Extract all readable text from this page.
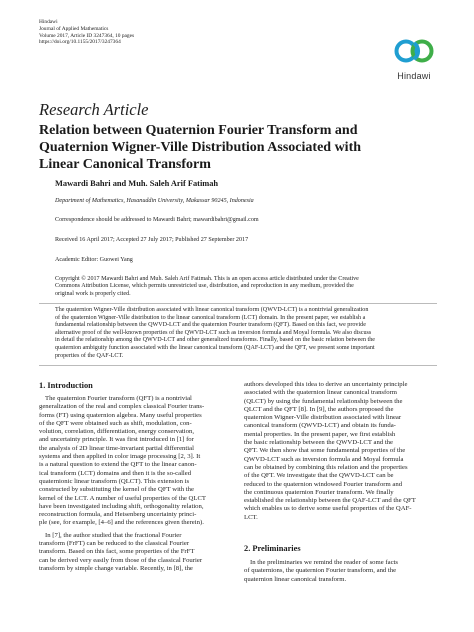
Hindawi
Journal of Applied Mathematics
Volume 2017, Article ID 3247364, 10 pages
https://doi.org/10.1155/2017/3247364
Hindawi
Research Article
Relation between Quaternion Fourier Transform and
Quaternion Wigner-Ville Distribution Associated with
Linear Canonical Transform
Mawardi Bahri and Muh. Saleh Arif Fatimah
Department of Mathematics, Hasanuddin University, Makassar 90245, Indonesia
Correspondence should be addressed to Mawardi Bahri; mawardibahri@gmail.com
Received 16 April 2017; Accepted 27 July 2017; Published 27 September 2017
Academic Editor: Guowei Yang
Copyright © 2017 Mawardi Bahri and Muh. Saleh Arif Fatimah. This is an open access article distributed under the Creative
Commons Attribution License, which permits unrestricted use, distribution, and reproduction in any medium, provided the
original work is properly cited.
The quaternion Wigner-Ville distribution associated with linear canonical transform (QWVD-LCT) is a nontrivial generalization
of the quaternion Wigner-Ville distribution to the linear canonical transform (LCT) domain. In the present paper, we establish a
fundamental relationship between the QWVD-LCT and the quaternion Fourier transform (QFT). Based on this fact, we provide
alternative proof of the well-known properties of the QWVD-LCT such as inversion formula and Moyal formula. We also discuss
in detail the relationship among the QWVD-LCT and other generalized transforms. Finally, based on the basic relation between the
quaternion ambiguity function associated with the linear canonical transform (QAF-LCT) and the QFT, we present some important
properties of the QAF-LCT.
1. Introduction
The quaternion Fourier transform (QFT) is a nontrivial
generalization of the real and complex classical Fourier trans-
forms (FT) using quaternion algebra. Many useful properties
of the QFT were obtained such as shift, modulation, con-
volution, correlation, differentiation, energy conservation,
and uncertainty principle. It was first introduced in [1] for
the analysis of 2D linear time-invariant partial differential
systems and then applied in color image processing [2, 3]. It
is a natural question to extend the QFT to the linear canon-
ical transform (LCT) domains and then it is the so-called
quaternionic linear transform (QLCT). This extension is
constructed by substituting the kernel of the QFT with the
kernel of the LCT. A number of useful properties of the QLCT
have been investigated including shift, orthogonality relation,
reconstruction formula, and Heisenberg uncertainty princi-
ple (see, for example, [4–6] and the references given therein).
In [7], the author studied that the fractional Fourier
transform (FrFT) can be reduced to the classical Fourier
transform. Based on this fact, some properties of the FrFT
can be derived very easily from those of the classical Fourier
transform by simple change variable. Recently, in [8], the
authors developed this idea to derive an uncertainty principle
associated with the quaternion linear canonical transform
(QLCT) by using the fundamental relationship between the
QLCT and the QFT [8]. In [9], the authors proposed the
quaternion Wigner-Ville distribution associated with linear
canonical transform (QWVD-LCT) and obtain its funda-
mental properties. In the present paper, we first establish
the basic relationship between the QWVD-LCT and the
QFT. We then show that some fundamental properties of the
QWVD-LCT such as inversion formula and Moyal formula
can be obtained by combining this relation and the properties
of the QFT. We investigate that the QWVD-LCT can be
reduced to the quaternion windowed Fourier transform and
the continuous quaternion Fourier transform. We finally
established the relationship between the QAF-LCT and the QFT
which enables us to derive some useful properties of the QAF-
LCT.
2. Preliminaries
In the preliminaries we remind the reader of some facts
of quaternions, the quaternion Fourier transform, and the
quaternion linear canonical transform.
